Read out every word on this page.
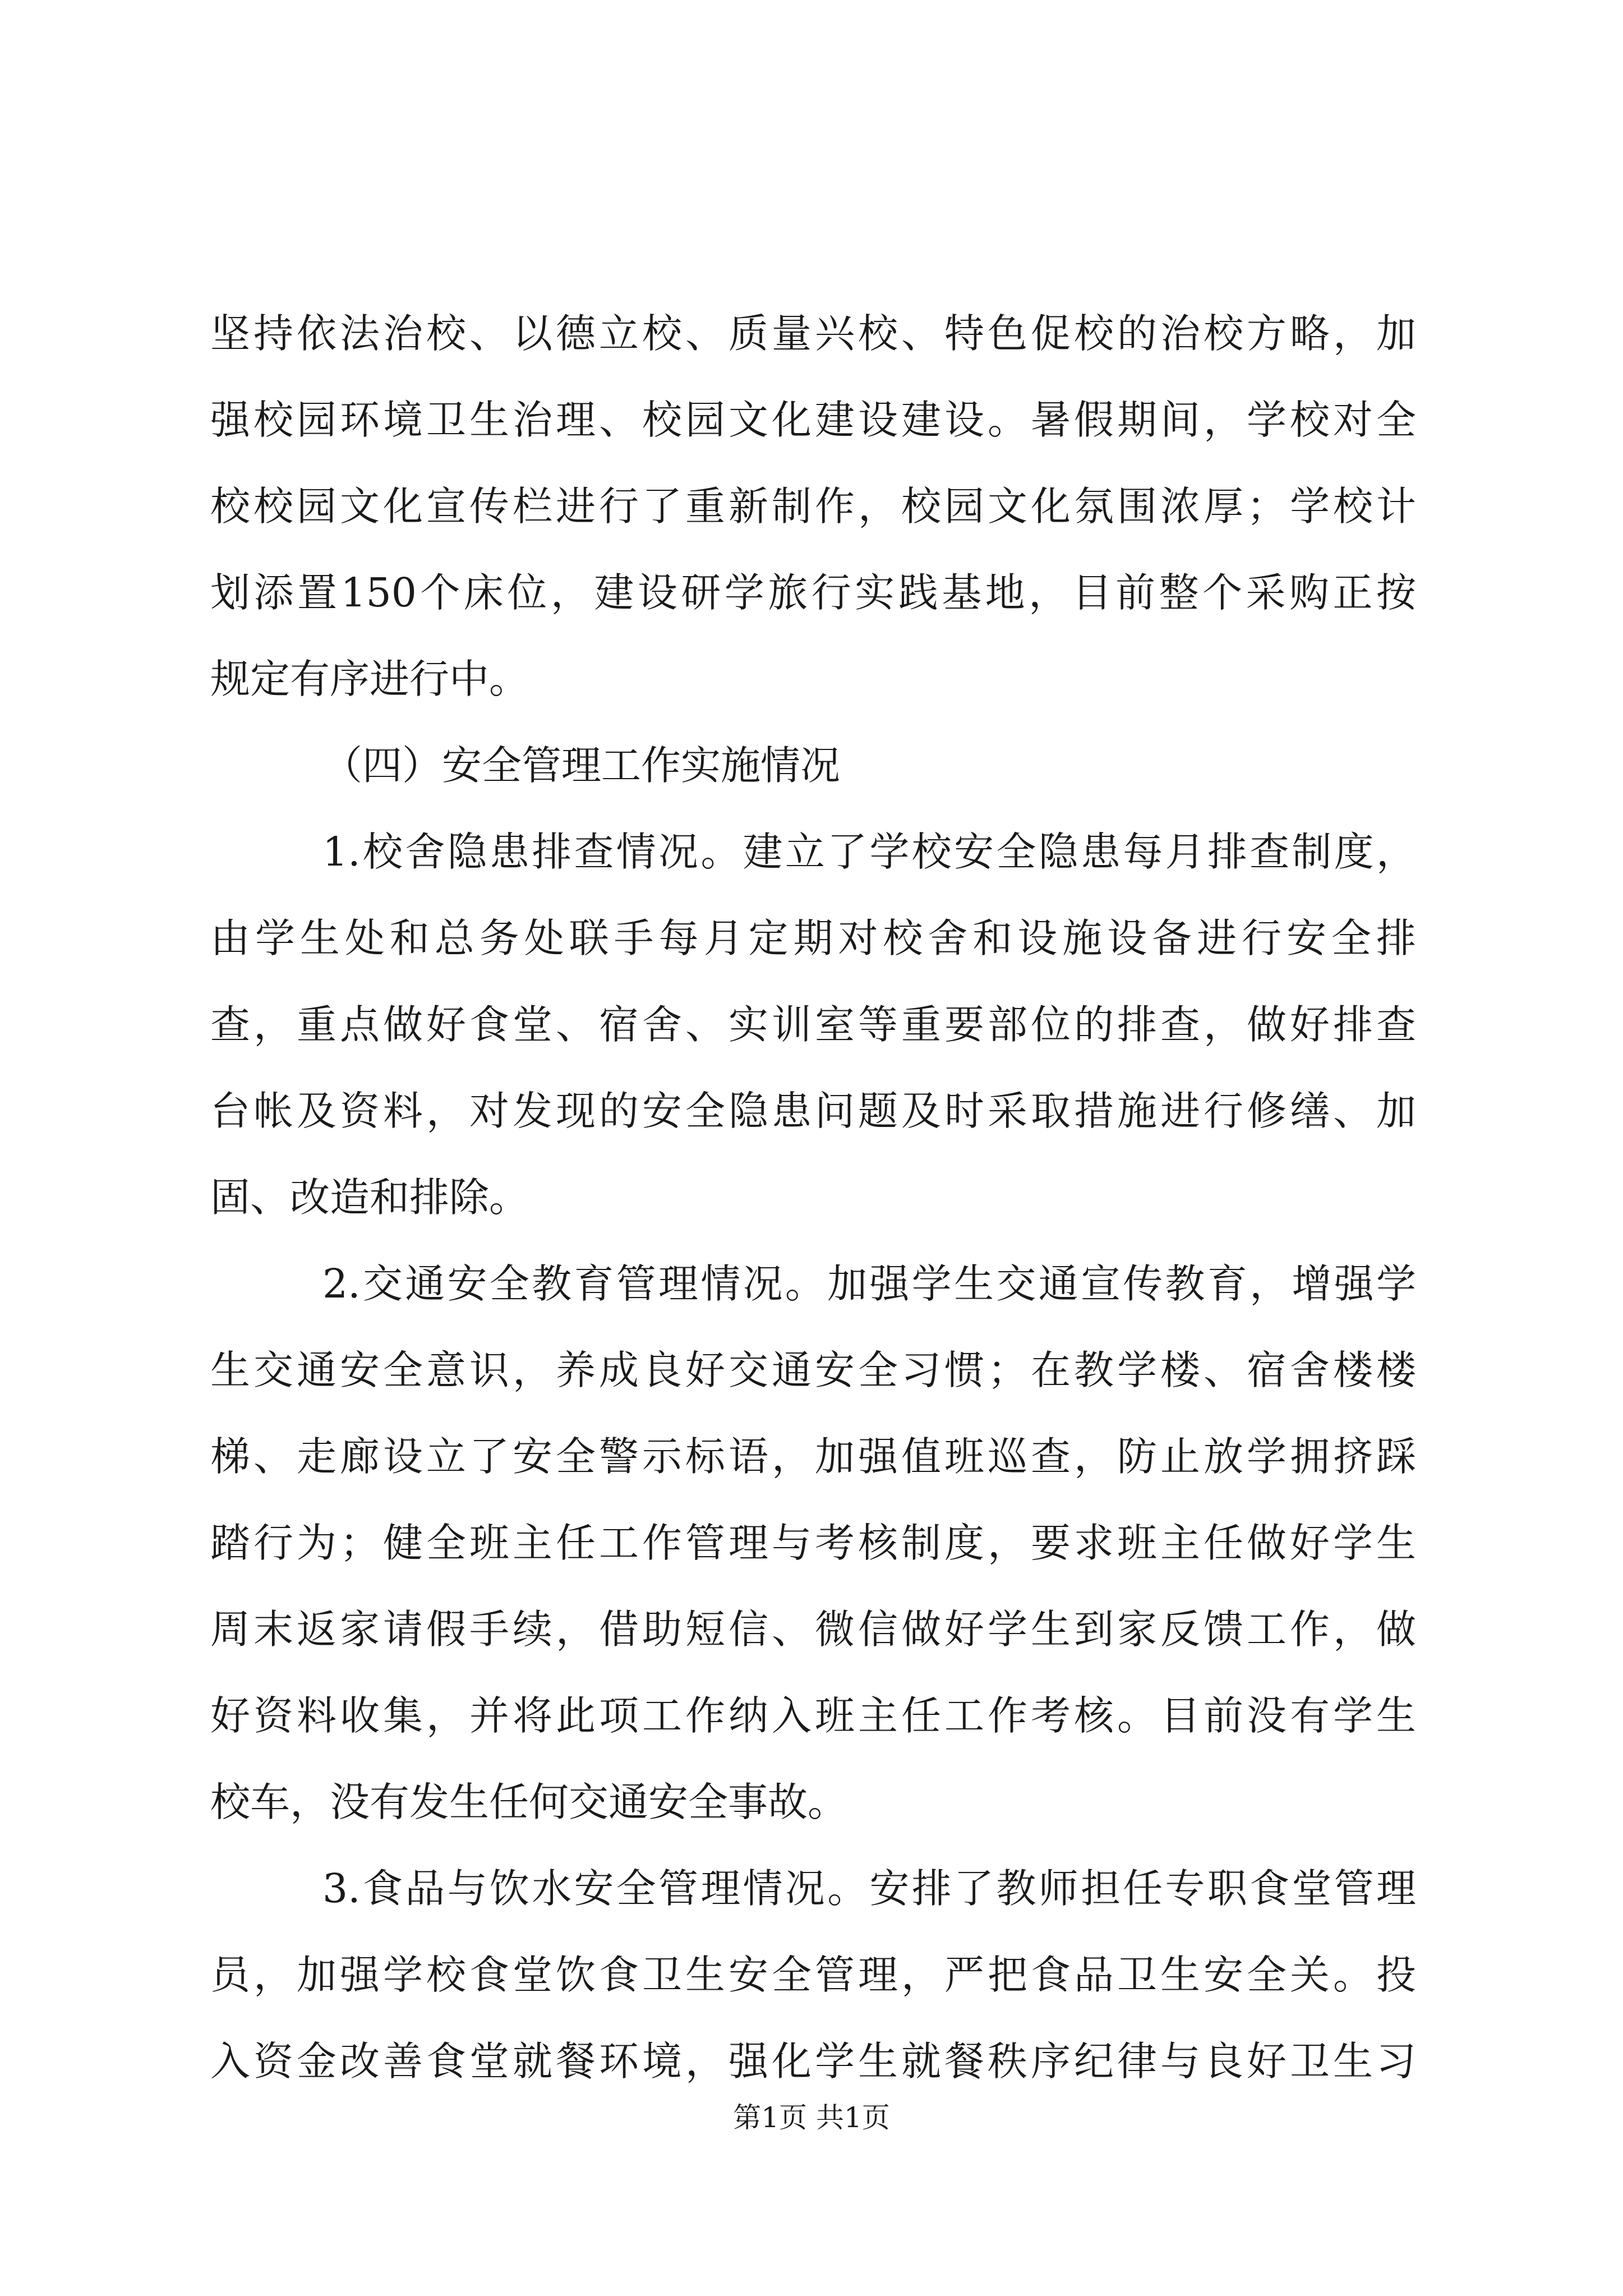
坚持依法治校、以德立校、质量兴校、特色促校的治校方略，加
强校园环境卫生治理、校园文化建设建设。暑假期间，学校对全
校校园文化宣传栏进行了重新制作，校园文化氛围浓厚；学校计
划添置150个床位，建设研学旅行实践基地，目前整个采购正按
规定有序进行中。
（四）安全管理工作实施情况
1.校舍隐患排查情况。建立了学校安全隐患每月排查制度，
由学生处和总务处联手每月定期对校舍和设施设备进行安全排
查，重点做好食堂、宿舍、实训室等重要部位的排查，做好排查
台帐及资料，对发现的安全隐患问题及时采取措施进行修缮、加
固、改造和排除。
2.交通安全教育管理情况。加强学生交通宣传教育，增强学
生交通安全意识，养成良好交通安全习惯；在教学楼、宿舍楼楼
梯、走廊设立了安全警示标语，加强值班巡查，防止放学拥挤踩
踏行为；健全班主任工作管理与考核制度，要求班主任做好学生
周末返家请假手续，借助短信、微信做好学生到家反馈工作，做
好资料收集，并将此项工作纳入班主任工作考核。目前没有学生
校车，没有发生任何交通安全事故。
3.食品与饮水安全管理情况。安排了教师担任专职食堂管理
员，加强学校食堂饮食卫生安全管理，严把食品卫生安全关。投
入资金改善食堂就餐环境，强化学生就餐秩序纪律与良好卫生习
第1页 共1页
